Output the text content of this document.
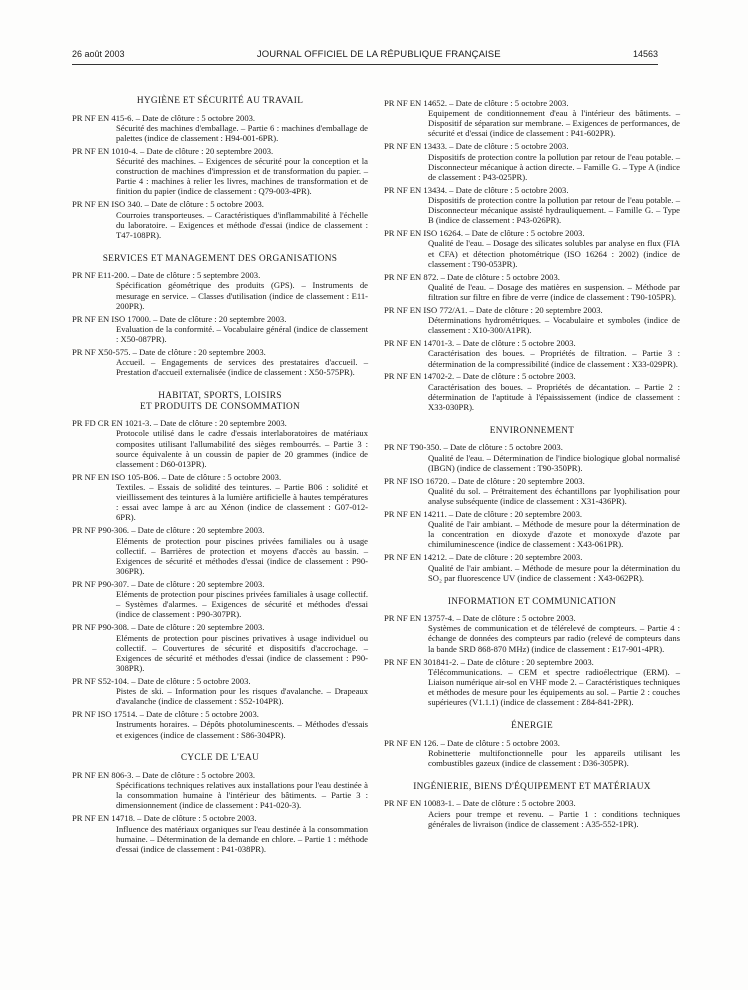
26 août 2003	JOURNAL OFFICIEL DE LA RÉPUBLIQUE FRANÇAISE	14563
HYGIÈNE ET SÉCURITÉ AU TRAVAIL
PR NF EN 415-6. – Date de clôture : 5 octobre 2003.
Sécurité des machines d'emballage. – Partie 6 : machines d'emballage de palettes (indice de classement : H94-001-6PR).
PR NF EN 1010-4. – Date de clôture : 20 septembre 2003.
Sécurité des machines. – Exigences de sécurité pour la conception et la construction de machines d'impression et de transformation du papier. – Partie 4 : machines à relier les livres, machines de transformation et de finition du papier (indice de classement : Q79-003-4PR).
PR NF EN ISO 340. – Date de clôture : 5 octobre 2003.
Courroies transporteuses. – Caractéristiques d'inflammabilité à l'échelle du laboratoire. – Exigences et méthode d'essai (indice de classement : T47-108PR).
SERVICES ET MANAGEMENT DES ORGANISATIONS
PR NF E11-200. – Date de clôture : 5 septembre 2003.
Spécification géométrique des produits (GPS). – Instruments de mesurage en service. – Classes d'utilisation (indice de classement : E11-200PR).
PR NF EN ISO 17000. – Date de clôture : 20 septembre 2003.
Evaluation de la conformité. – Vocabulaire général (indice de classement : X50-087PR).
PR NF X50-575. – Date de clôture : 20 septembre 2003.
Accueil. – Engagements de services des prestataires d'accueil. – Prestation d'accueil externalisée (indice de classement : X50-575PR).
HABITAT, SPORTS, LOISIRS
ET PRODUITS DE CONSOMMATION
PR FD CR EN 1021-3. – Date de clôture : 20 septembre 2003.
Protocole utilisé dans le cadre d'essais interlaboratoires de matériaux composites utilisant l'allumabilité des sièges rembourrés. – Partie 3 : source équivalente à un coussin de papier de 20 grammes (indice de classement : D60-013PR).
PR NF EN ISO 105-B06. – Date de clôture : 5 octobre 2003.
Textiles. – Essais de solidité des teintures. – Partie B06 : solidité et vieillissement des teintures à la lumière artificielle à hautes températures : essai avec lampe à arc au Xénon (indice de classement : G07-012-6PR).
PR NF P90-306. – Date de clôture : 20 septembre 2003.
Eléments de protection pour piscines privées familiales ou à usage collectif. – Barrières de protection et moyens d'accès au bassin. – Exigences de sécurité et méthodes d'essai (indice de classement : P90-306PR).
PR NF P90-307. – Date de clôture : 20 septembre 2003.
Eléments de protection pour piscines privées familiales à usage collectif. – Systèmes d'alarmes. – Exigences de sécurité et méthodes d'essai (indice de classement : P90-307PR).
PR NF P90-308. – Date de clôture : 20 septembre 2003.
Eléments de protection pour piscines privatives à usage individuel ou collectif. – Couvertures de sécurité et dispositifs d'accrochage. – Exigences de sécurité et méthodes d'essai (indice de classement : P90-308PR).
PR NF S52-104. – Date de clôture : 5 octobre 2003.
Pistes de ski. – Information pour les risques d'avalanche. – Drapeaux d'avalanche (indice de classement : S52-104PR).
PR NF ISO 17514. – Date de clôture : 5 octobre 2003.
Instruments horaires. – Dépôts photoluminescents. – Méthodes d'essais et exigences (indice de classement : S86-304PR).
CYCLE DE L'EAU
PR NF EN 806-3. – Date de clôture : 5 octobre 2003.
Spécifications techniques relatives aux installations pour l'eau destinée à la consommation humaine à l'intérieur des bâtiments. – Partie 3 : dimensionnement (indice de classement : P41-020-3).
PR NF EN 14718. – Date de clôture : 5 octobre 2003.
Influence des matériaux organiques sur l'eau destinée à la consommation humaine. – Détermination de la demande en chlore. – Partie 1 : méthode d'essai (indice de classement : P41-038PR).
PR NF EN 14652. – Date de clôture : 5 octobre 2003.
Equipement de conditionnement d'eau à l'intérieur des bâtiments. – Dispositif de séparation sur membrane. – Exigences de performances, de sécurité et d'essai (indice de classement : P41-602PR).
PR NF EN 13433. – Date de clôture : 5 octobre 2003.
Dispositifs de protection contre la pollution par retour de l'eau potable. – Disconnecteur mécanique à action directe. – Famille G. – Type A (indice de classement : P43-025PR).
PR NF EN 13434. – Date de clôture : 5 octobre 2003.
Dispositifs de protection contre la pollution par retour de l'eau potable. – Disconnecteur mécanique assisté hydrauliquement. – Famille G. – Type B (indice de classement : P43-026PR).
PR NF EN ISO 16264. – Date de clôture : 5 octobre 2003.
Qualité de l'eau. – Dosage des silicates solubles par analyse en flux (FIA et CFA) et détection photométrique (ISO 16264 : 2002) (indice de classement : T90-053PR).
PR NF EN 872. – Date de clôture : 5 octobre 2003.
Qualité de l'eau. – Dosage des matières en suspension. – Méthode par filtration sur filtre en fibre de verre (indice de classement : T90-105PR).
PR NF EN ISO 772/A1. – Date de clôture : 20 septembre 2003.
Déterminations hydrométriques. – Vocabulaire et symboles (indice de classement : X10-300/A1PR).
PR NF EN 14701-3. – Date de clôture : 5 octobre 2003.
Caractérisation des boues. – Propriétés de filtration. – Partie 3 : détermination de la compressibilité (indice de classement : X33-029PR).
PR NF EN 14702-2. – Date de clôture : 5 octobre 2003.
Caractérisation des boues. – Propriétés de décantation. – Partie 2 : détermination de l'aptitude à l'épaississement (indice de classement : X33-030PR).
ENVIRONNEMENT
PR NF T90-350. – Date de clôture : 5 octobre 2003.
Qualité de l'eau. – Détermination de l'indice biologique global normalisé (IBGN) (indice de classement : T90-350PR).
PR NF ISO 16720. – Date de clôture : 20 septembre 2003.
Qualité du sol. – Prétraitement des échantillons par lyophilisation pour analyse subséquente (indice de classement : X31-436PR).
PR NF EN 14211. – Date de clôture : 20 septembre 2003.
Qualité de l'air ambiant. – Méthode de mesure pour la détermination de la concentration en dioxyde d'azote et monoxyde d'azote par chimiluminescence (indice de classement : X43-061PR).
PR NF EN 14212. – Date de clôture : 20 septembre 2003.
Qualité de l'air ambiant. – Méthode de mesure pour la détermination du SO₂ par fluorescence UV (indice de classement : X43-062PR).
INFORMATION ET COMMUNICATION
PR NF EN 13757-4. – Date de clôture : 5 octobre 2003.
Systèmes de communication et de télérelevé de compteurs. – Partie 4 : échange de données des compteurs par radio (relevé de compteurs dans la bande SRD 868-870 MHz) (indice de classement : E17-901-4PR).
PR NF EN 301841-2. – Date de clôture : 20 septembre 2003.
Télécommunications. – CEM et spectre radioélectrique (ERM). – Liaison numérique air-sol en VHF mode 2. – Caractéristiques techniques et méthodes de mesure pour les équipements au sol. – Partie 2 : couches supérieures (V1.1.1) (indice de classement : Z84-841-2PR).
ÉNERGIE
PR NF EN 126. – Date de clôture : 5 octobre 2003.
Robinetterie multifonctionnelle pour les appareils utilisant les combustibles gazeux (indice de classement : D36-305PR).
INGÉNIERIE, BIENS D'ÉQUIPEMENT ET MATÉRIAUX
PR NF EN 10083-1. – Date de clôture : 5 octobre 2003.
Aciers pour trempe et revenu. – Partie 1 : conditions techniques générales de livraison (indice de classement : A35-552-1PR).
